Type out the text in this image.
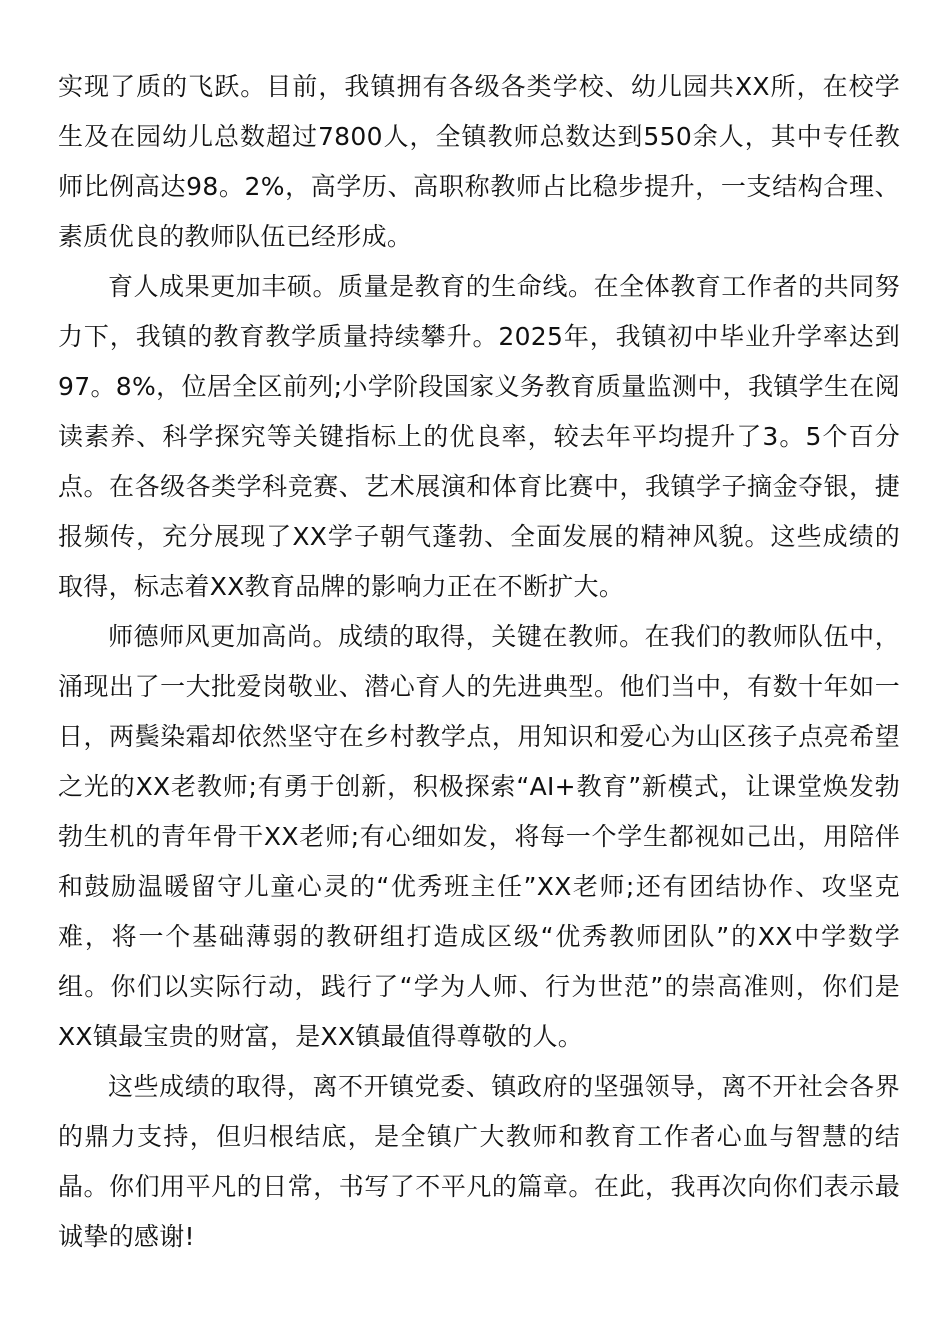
实现了质的飞跃。目前，我镇拥有各级各类学校、幼儿园共XX所，在校学生及在园幼儿总数超过7800人，全镇教师总数达到550余人，其中专任教师比例高达98。2%，高学历、高职称教师占比稳步提升，一支结构合理、素质优良的教师队伍已经形成。

育人成果更加丰硕。质量是教育的生命线。在全体教育工作者的共同努力下，我镇的教育教学质量持续攀升。2025年，我镇初中毕业升学率达到97。8%，位居全区前列;小学阶段国家义务教育质量监测中，我镇学生在阅读素养、科学探究等关键指标上的优良率，较去年平均提升了3。5个百分点。在各级各类学科竞赛、艺术展演和体育比赛中，我镇学子摘金夺银，捷报频传，充分展现了XX学子朝气蓬勃、全面发展的精神风貌。这些成绩的取得，标志着XX教育品牌的影响力正在不断扩大。

师德师风更加高尚。成绩的取得，关键在教师。在我们的教师队伍中，涌现出了一大批爱岗敬业、潜心育人的先进典型。他们当中，有数十年如一日，两鬓染霜却依然坚守在乡村教学点，用知识和爱心为山区孩子点亮希望之光的XX老教师;有勇于创新，积极探索“AI+教育”新模式，让课堂焕发勃勃生机的青年骨干XX老师;有心细如发，将每一个学生都视如己出，用陪伴和鼓励温暖留守儿童心灵的“优秀班主任”XX老师;还有团结协作、攻坚克难，将一个基础薄弱的教研组打造成区级“优秀教师团队”的XX中学数学组。你们以实际行动，践行了“学为人师、行为世范”的崇高准则，你们是XX镇最宝贵的财富，是XX镇最值得尊敬的人。

这些成绩的取得，离不开镇党委、镇政府的坚强领导，离不开社会各界的鼎力支持，但归根结底，是全镇广大教师和教育工作者心血与智慧的结晶。你们用平凡的日常，书写了不平凡的篇章。在此，我再次向你们表示最诚挚的感谢!
